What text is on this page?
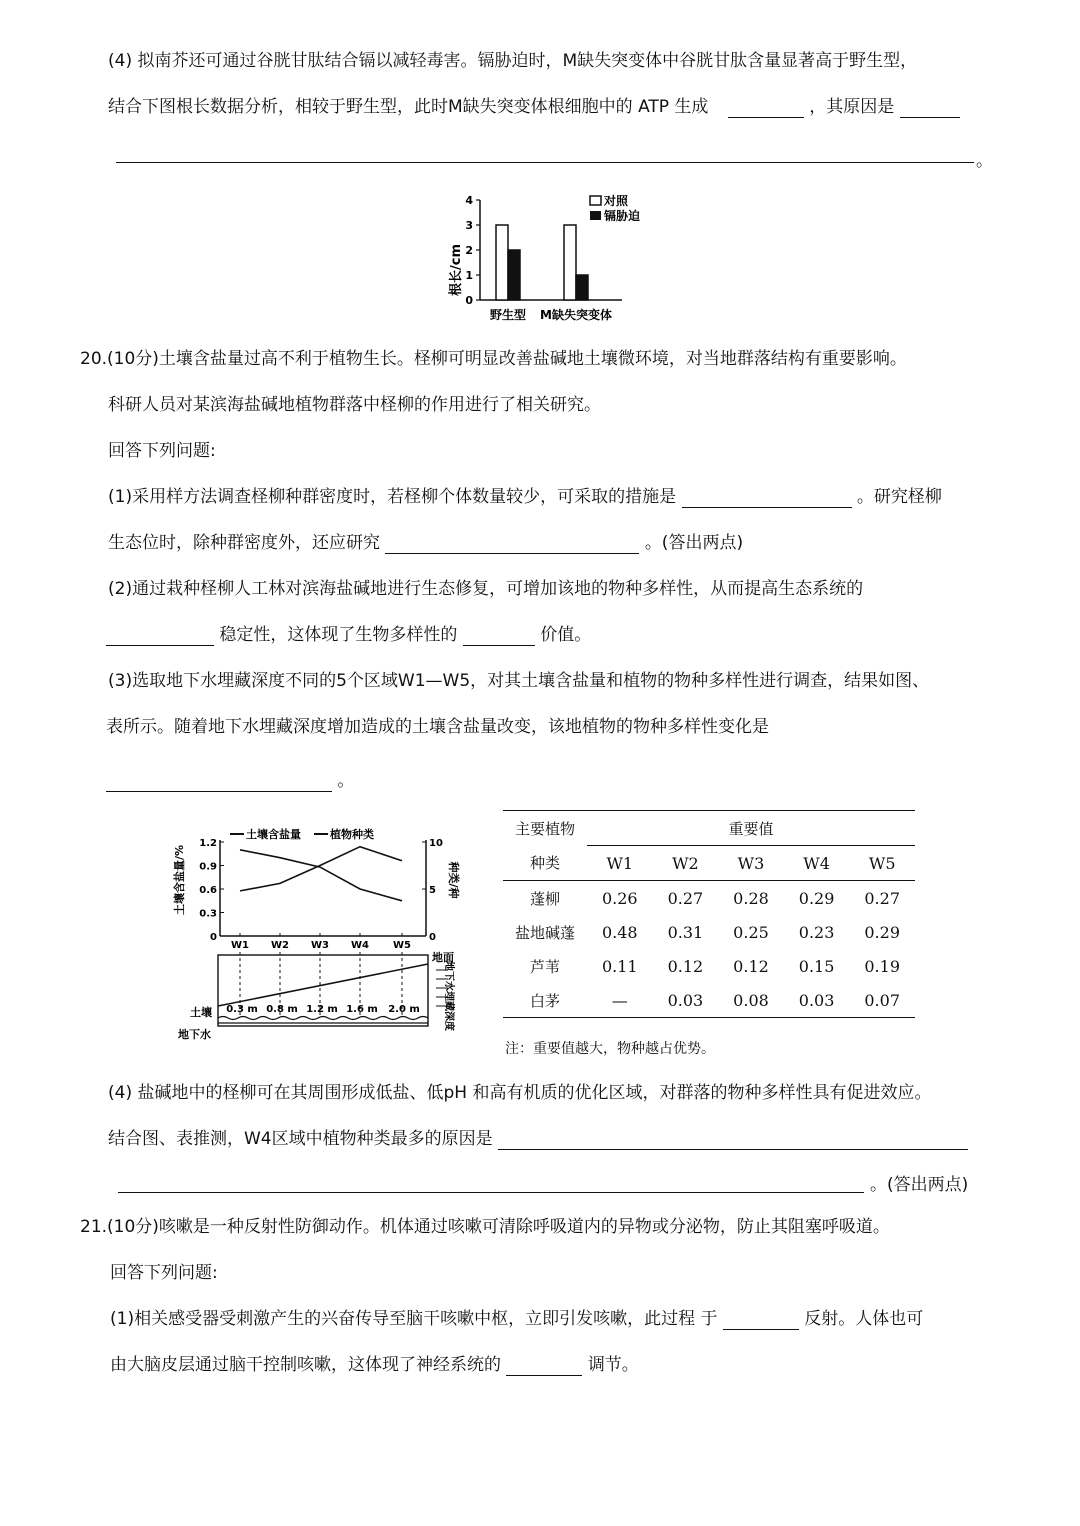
(4) 拟南芥还可通过谷胱甘肽结合镉以减轻毒害。镉胁迫时，M缺失突变体中谷胱甘肽含量显著高于野生型，
结合下图根长数据分析，相较于野生型，此时M缺失突变体根细胞中的 ATP 生成	，其原因是
。
根长/cm
0
1
2
3
4	对照
镉胁迫
野生型 M缺失突变体
20.(10分)土壤含盐量过高不利于植物生长。柽柳可明显改善盐碱地土壤微环境，对当地群落结构有重要影响。
科研人员对某滨海盐碱地植物群落中柽柳的作用进行了相关研究。
回答下列问题:
(1)采用样方法调查柽柳种群密度时，若柽柳个体数量较少，可采取的措施是	。研究柽柳
生态位时，除种群密度外，还应研究	。(答出两点)
(2)通过栽种柽柳人工林对滨海盐碱地进行生态修复，可增加该地的物种多样性，从而提高生态系统的
稳定性，这体现了生物多样性的	价值。
(3)选取地下水埋藏深度不同的5个区域W1—W5，对其土壤含盐量和植物的物种多样性进行调查，结果如图、
表所示。随着地下水埋藏深度增加造成的土壤含盐量改变，该地植物的物种多样性变化是
。
土壤含盐量/%	种类/种
0
0.3
0.6
0.9
1.2
0
5
10
W1 W2 W3 W4 W5
土壤含盐量	植物种类
0.3 m 0.8 m 1.2 m 1.6 m 2.0 m
地面
地下水埋藏深度
土壤
地下水
主要植物	重要值				
种类	W1	W2	W3	W4	W5
蓬柳	0.26	0.27	0.28	0.29	0.27
盐地碱蓬	0.48	0.31	0.25	0.23	0.29
芦苇	0.11	0.12	0.12	0.15	0.19
白茅	—	0.03	0.08	0.03	0.07
注：重要值越大，物种越占优势。
(4) 盐碱地中的柽柳可在其周围形成低盐、低pH 和高有机质的优化区域，对群落的物种多样性具有促进效应。
结合图、表推测，W4区域中植物种类最多的原因是
。(答出两点)
21.(10分)咳嗽是一种反射性防御动作。机体通过咳嗽可清除呼吸道内的异物或分泌物，防止其阻塞呼吸道。
回答下列问题:
(1)相关感受器受刺激产生的兴奋传导至脑干咳嗽中枢，立即引发咳嗽，此过程 于	反射。人体也可
由大脑皮层通过脑干控制咳嗽，这体现了神经系统的	调节。
